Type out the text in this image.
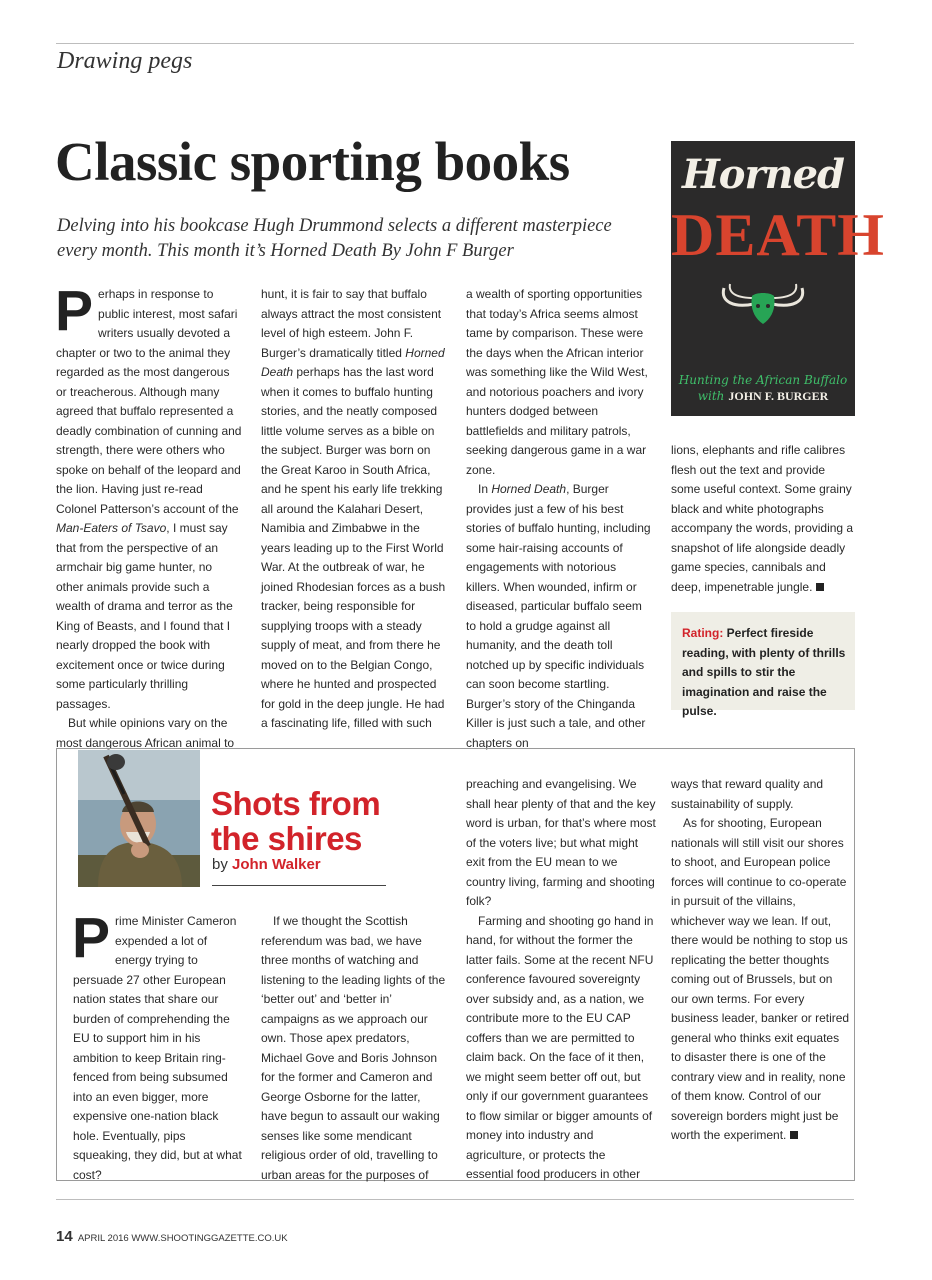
Drawing pegs
Classic sporting books
Delving into his bookcase Hugh Drummond selects a different masterpiece every month. This month it’s Horned Death By John F Burger

Perhaps in response to public interest, most safari writers usually devoted a chapter or two to the animal they regarded as the most dangerous or treacherous. Although many agreed that buffalo represented a deadly combination of cunning and strength, there were others who spoke on behalf of the leopard and the lion. Having just re-read Colonel Patterson’s account of the Man-Eaters of Tsavo, I must say that from the perspective of an armchair big game hunter, no other animals provide such a wealth of drama and terror as the King of Beasts, and I found that I nearly dropped the book with excitement once or twice during some particularly thrilling passages.

But while opinions vary on the most dangerous African animal to

hunt, it is fair to say that buffalo always attract the most consistent level of high esteem. John F. Burger’s dramatically titled Horned Death perhaps has the last word when it comes to buffalo hunting stories, and the neatly composed little volume serves as a bible on the subject. Burger was born on the Great Karoo in South Africa, and he spent his early life trekking all around the Kalahari Desert, Namibia and Zimbabwe in the years leading up to the First World War. At the outbreak of war, he joined Rhodesian forces as a bush tracker, being responsible for supplying troops with a steady supply of meat, and from there he moved on to the Belgian Congo, where he hunted and prospected for gold in the deep jungle. He had a fascinating life, filled with such

a wealth of sporting opportunities that today’s Africa seems almost tame by comparison. These were the days when the African interior was something like the Wild West, and notorious poachers and ivory hunters dodged between battlefields and military patrols, seeking dangerous game in a war zone.

In Horned Death, Burger provides just a few of his best stories of buffalo hunting, including some hair-raising accounts of engagements with notorious killers. When wounded, infirm or diseased, particular buffalo seem to hold a grudge against all humanity, and the death toll notched up by specific individuals can soon become startling. Burger’s story of the Chinganda Killer is just such a tale, and other chapters on

lions, elephants and rifle calibres flesh out the text and provide some useful context. Some grainy black and white photographs accompany the words, providing a snapshot of life alongside deadly game species, cannibals and deep, impenetrable jungle.

Horned
DEATH
Hunting the African Buffalo
with JOHN F. BURGER
Rating: Perfect fireside reading, with plenty of thrills and spills to stir the imagination and raise the pulse.
Shots from
the shires
by John Walker

Prime Minister Cameron expended a lot of energy trying to persuade 27 other European nation states that share our burden of comprehending the EU to support him in his ambition to keep Britain ring-fenced from being subsumed into an even bigger, more expensive one-nation black hole. Eventually, pips squeaking, they did, but at what cost?

If we thought the Scottish referendum was bad, we have three months of watching and listening to the leading lights of the ‘better out’ and ‘better in’ campaigns as we approach our own. Those apex predators, Michael Gove and Boris Johnson for the former and Cameron and George Osborne for the latter, have begun to assault our waking senses like some mendicant religious order of old, travelling to urban areas for the purposes of

preaching and evangelising. We shall hear plenty of that and the key word is urban, for that’s where most of the voters live; but what might exit from the EU mean to we country living, farming and shooting folk?

Farming and shooting go hand in hand, for without the former the latter fails. Some at the recent NFU conference favoured sovereignty over subsidy and, as a nation, we contribute more to the EU CAP coffers than we are permitted to claim back. On the face of it then, we might seem better off out, but only if our government guarantees to flow similar or bigger amounts of money into industry and agriculture, or protects the essential food producers in other

ways that reward quality and sustainability of supply.

As for shooting, European nationals will still visit our shores to shoot, and European police forces will continue to co-operate in pursuit of the villains, whichever way we lean. If out, there would be nothing to stop us replicating the better thoughts coming out of Brussels, but on our own terms. For every business leader, banker or retired general who thinks exit equates to disaster there is one of the contrary view and in reality, none of them know. Control of our sovereign borders might just be worth the experiment.

14 APRIL 2016 WWW.SHOOTINGGAZETTE.CO.UK
